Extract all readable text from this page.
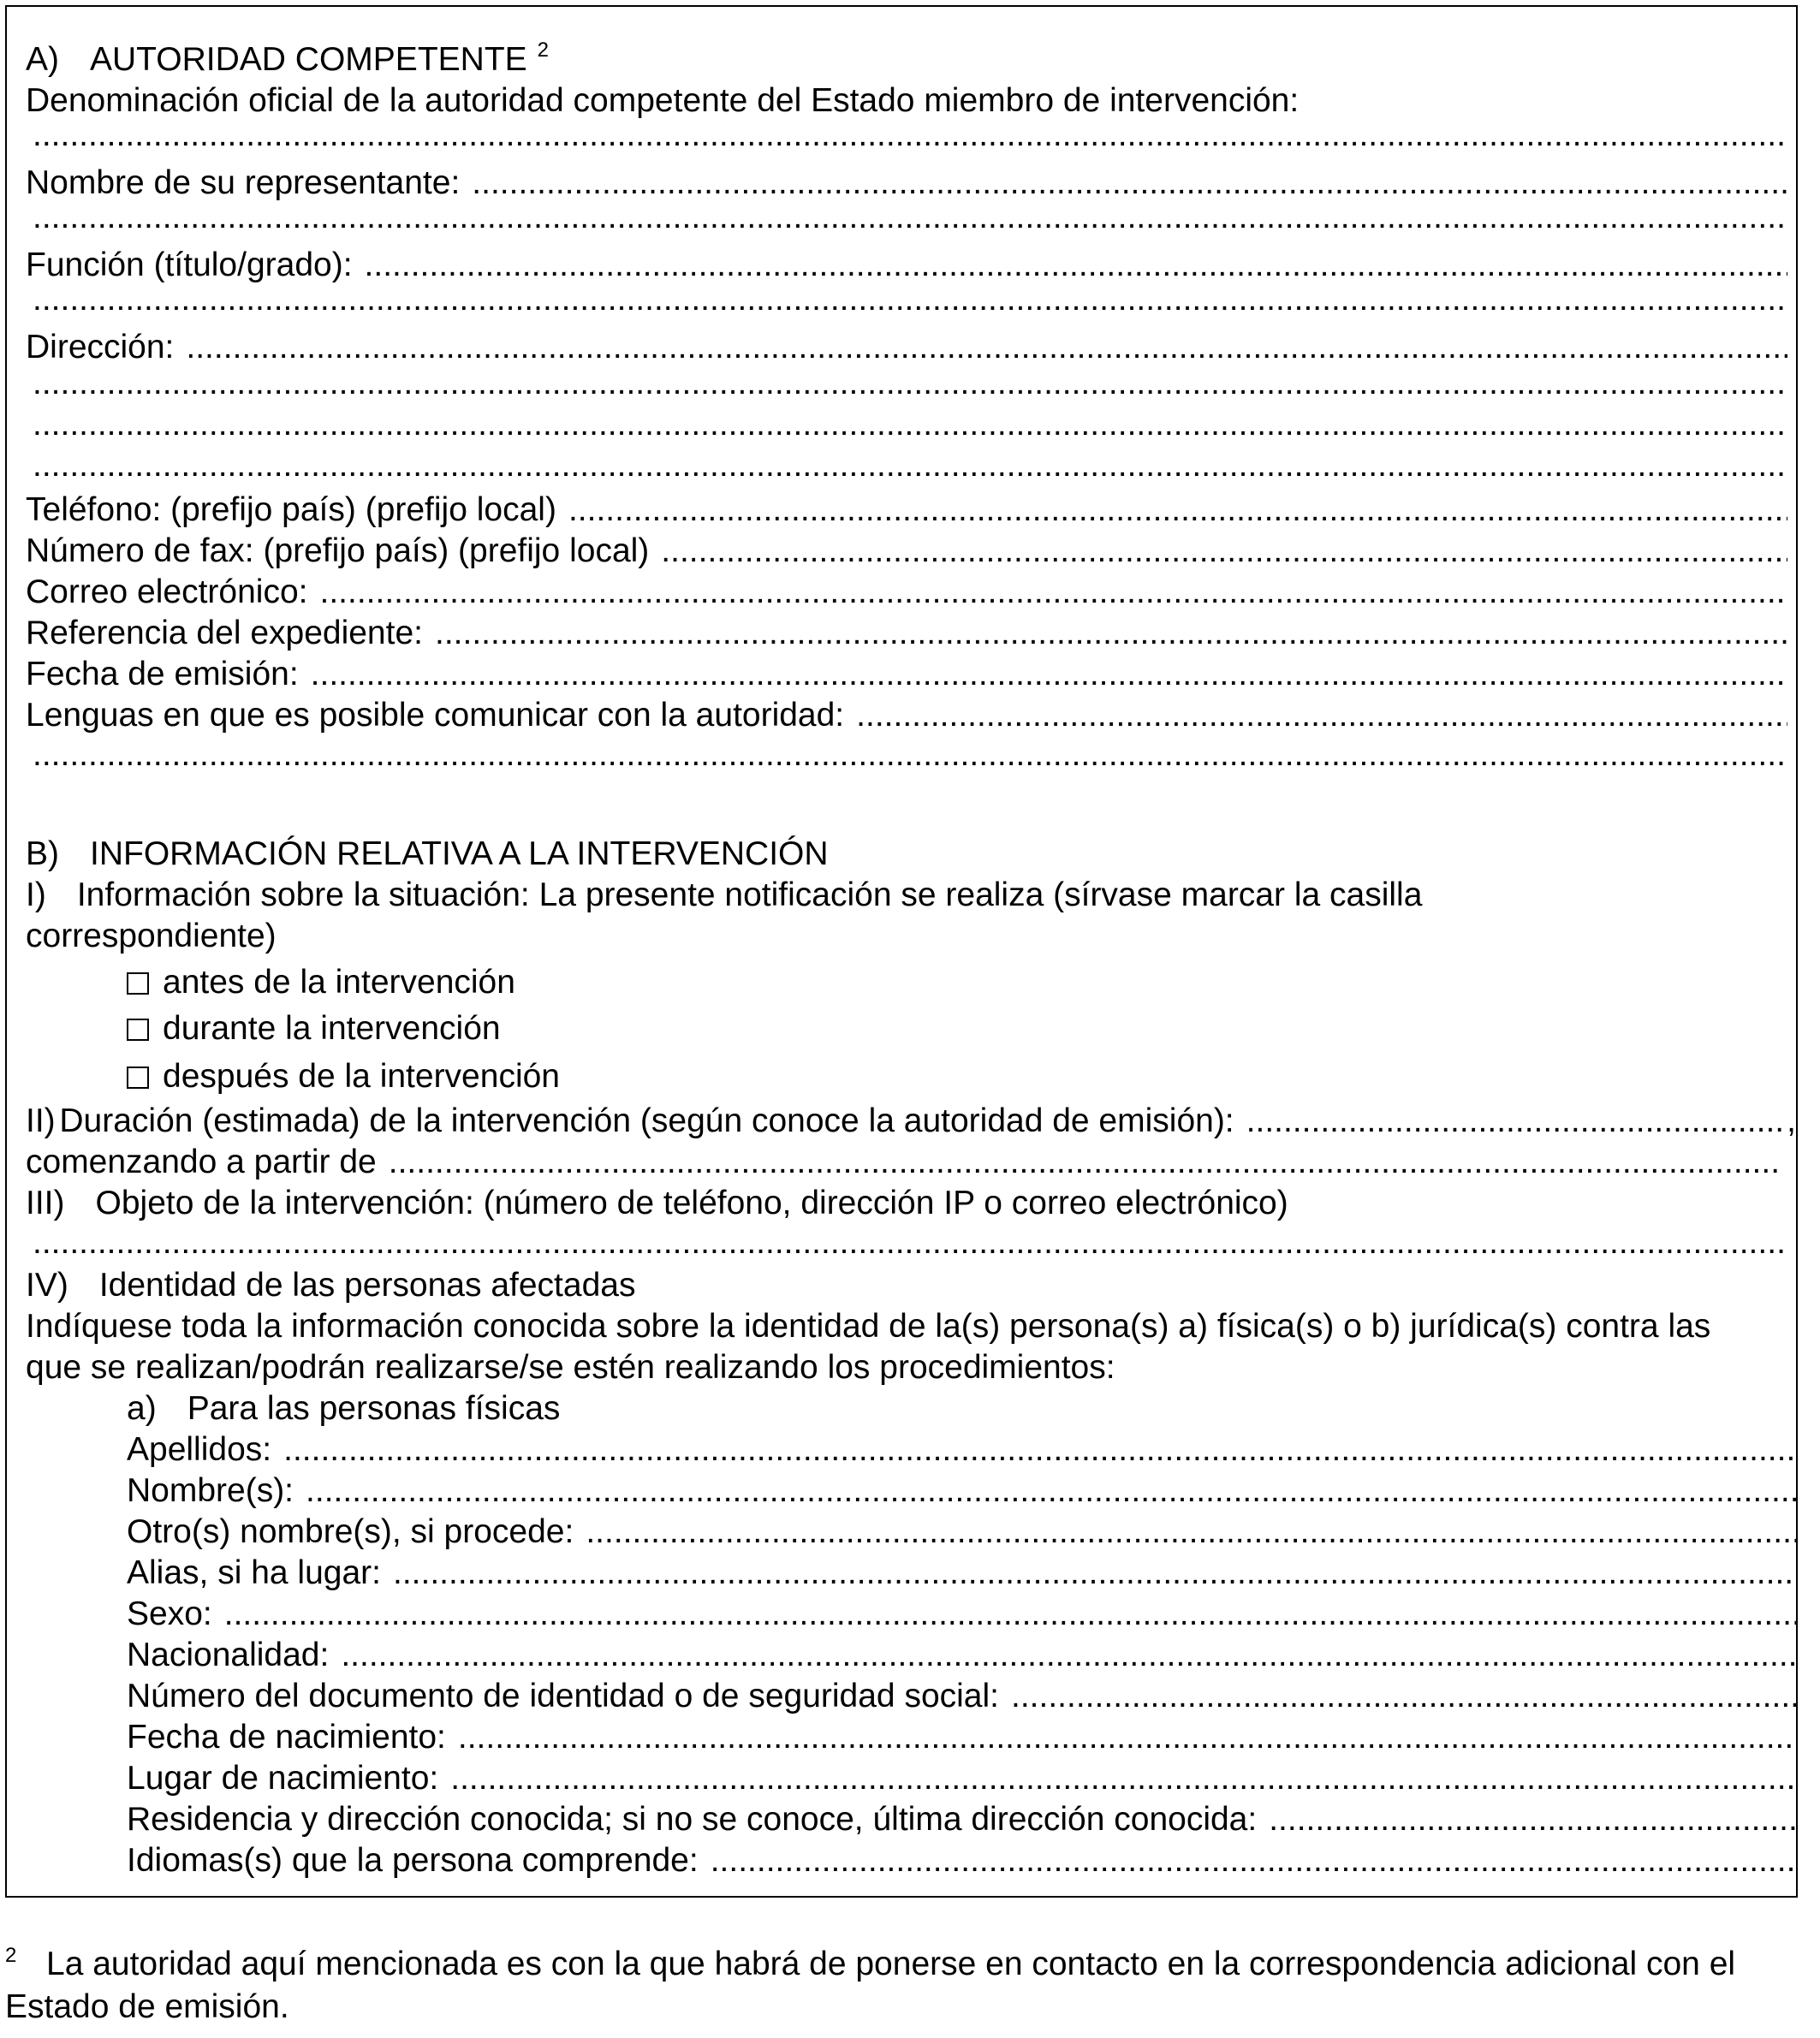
A) AUTORIDAD COMPETENTE $^2$
Denominación oficial de la autoridad competente del Estado miembro de intervención:
.....
Nombre de su representante:
.....
.....
Función (título/grado):
.....
.....
Dirección:
.....
.....
.....
.....
Teléfono: (prefijo país) (prefijo local)
.....
Número de fax: (prefijo país) (prefijo local)
.....
Correo electrónico:
.....
Referencia del expediente:
.....
Fecha de emisión:
.....
Lenguas en que es posible comunicar con la autoridad:
.....
.....
B) INFORMACIÓN RELATIVA A LA INTERVENCIÓN
I) Información sobre la situación: La presente notificación se realiza (sírvase marcar la casilla
correspondiente)
antes de la intervención
durante la intervención
después de la intervención
II) Duración (estimada) de la intervención (según conoce la autoridad de emisión):
.....	,
comenzando a partir de
.....
III) Objeto de la intervención: (número de teléfono, dirección IP o correo electrónico)
.....
IV) Identidad de las personas afectadas
Indíquese toda la información conocida sobre la identidad de la(s) persona(s) a) física(s) o b) jurídica(s) contra las
que se realizan/podrán realizarse/se estén realizando los procedimientos:
a) Para las personas físicas
Apellidos:
.....
Nombre(s):
.....
Otro(s) nombre(s), si procede:
.....
Alias, si ha lugar:
.....
Sexo:
.....
Nacionalidad:
.....
Número del documento de identidad o de seguridad social:
.....
Fecha de nacimiento:
.....
Lugar de nacimiento:
.....
Residencia y dirección conocida; si no se conoce, última dirección conocida:
.....
Idiomas(s) que la persona comprende:
.....
2 La autoridad aquí mencionada es con la que habrá de ponerse en contacto en la correspondencia adicional con el Estado de emisión.
